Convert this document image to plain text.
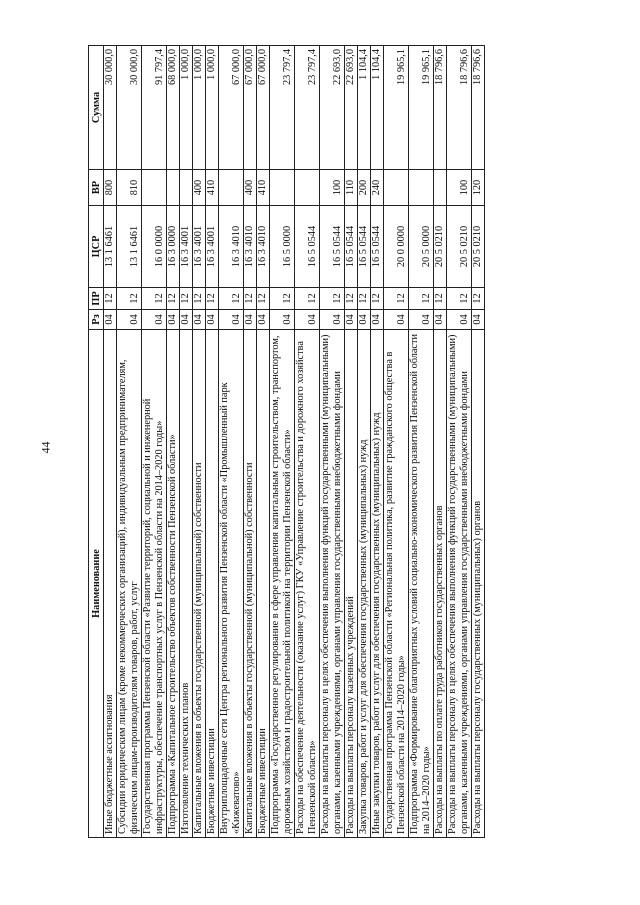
44
Наименование	Рз	ПР	ЦСР	ВР	Сумма
Иные бюджетные ассигнования	04	12	13 1 6461	800	30 000,0
Субсидии юридическим лицам (кроме некоммерческих организаций), индивидуальным предпринимателям, физическим лицам-производителям товаров, работ, услуг	04	12	13 1 6461	810	30 000,0
Государственная программа Пензенской области «Развитие территорий, социальной и инженерной инфраструктуры, обеспечение транспортных услуг в Пензенской области на 2014–2020 годы»	04	12	16 0 0000		91 797,4
Подпрограмма «Капитальное строительство объектов собственности Пензенской области»	04	12	16 3 0000		68 000,0
Изготовление технических планов	04	12	16 3 4001		1 000,0
Капитальные вложения в объекты государственной (муниципальной) собственности	04	12	16 3 4001	400	1 000,0
Бюджетные инвестиции	04	12	16 3 4001	410	1 000,0
Внутриплощадочные сети Центра регионального развития Пензенской области «Промышленный парк «Кижеватово»	04	12	16 3 4010		67 000,0
Капитальные вложения в объекты государственной (муниципальной) собственности	04	12	16 3 4010	400	67 000,0
Бюджетные инвестиции	04	12	16 3 4010	410	67 000,0
Подпрограмма «Государственное регулирование в сфере управления капитальным строительством, транспортом, дорожным хозяйством и градостроительной политикой на территории Пензенской области»	04	12	16 5 0000		23 797,4
Расходы на обеспечение деятельности (оказание услуг) ГКУ «Управление строительства и дорожного хозяйства Пензенской области»	04	12	16 5 0544		23 797,4
Расходы на выплаты персоналу в целях обеспечения выполнения функций государственными (муниципальными) органами, казенными учреждениями, органами управления государственными внебюджетными фондами	04	12	16 5 0544	100	22 693,0
Расходы на выплаты персоналу казенных учреждений	04	12	16 5 0544	110	22 693,0
Закупка товаров, работ и услуг для обеспечения государственных (муниципальных) нужд	04	12	16 5 0544	200	1 104,4
Иные закупки товаров, работ и услуг для обеспечения государственных (муниципальных) нужд	04	12	16 5 0544	240	1 104,4
Государственная программа Пензенской области «Региональная политика, развитие гражданского общества в Пензенской области на 2014–2020 годы»	04	12	20 0 0000		19 965,1
Подпрограмма «Формирование благоприятных условий социально-экономического развития Пензенской области на 2014–2020 годы»	04	12	20 5 0000		19 965,1
Расходы на выплаты по оплате труда работников государственных органов	04	12	20 5 0210		18 796,6
Расходы на выплаты персоналу в целях обеспечения выполнения функций государственными (муниципальными) органами, казенными учреждениями, органами управления государственными внебюджетными фондами	04	12	20 5 0210	100	18 796,6
Расходы на выплаты персоналу государственных (муниципальных) органов	04	12	20 5 0210	120	18 796,6
